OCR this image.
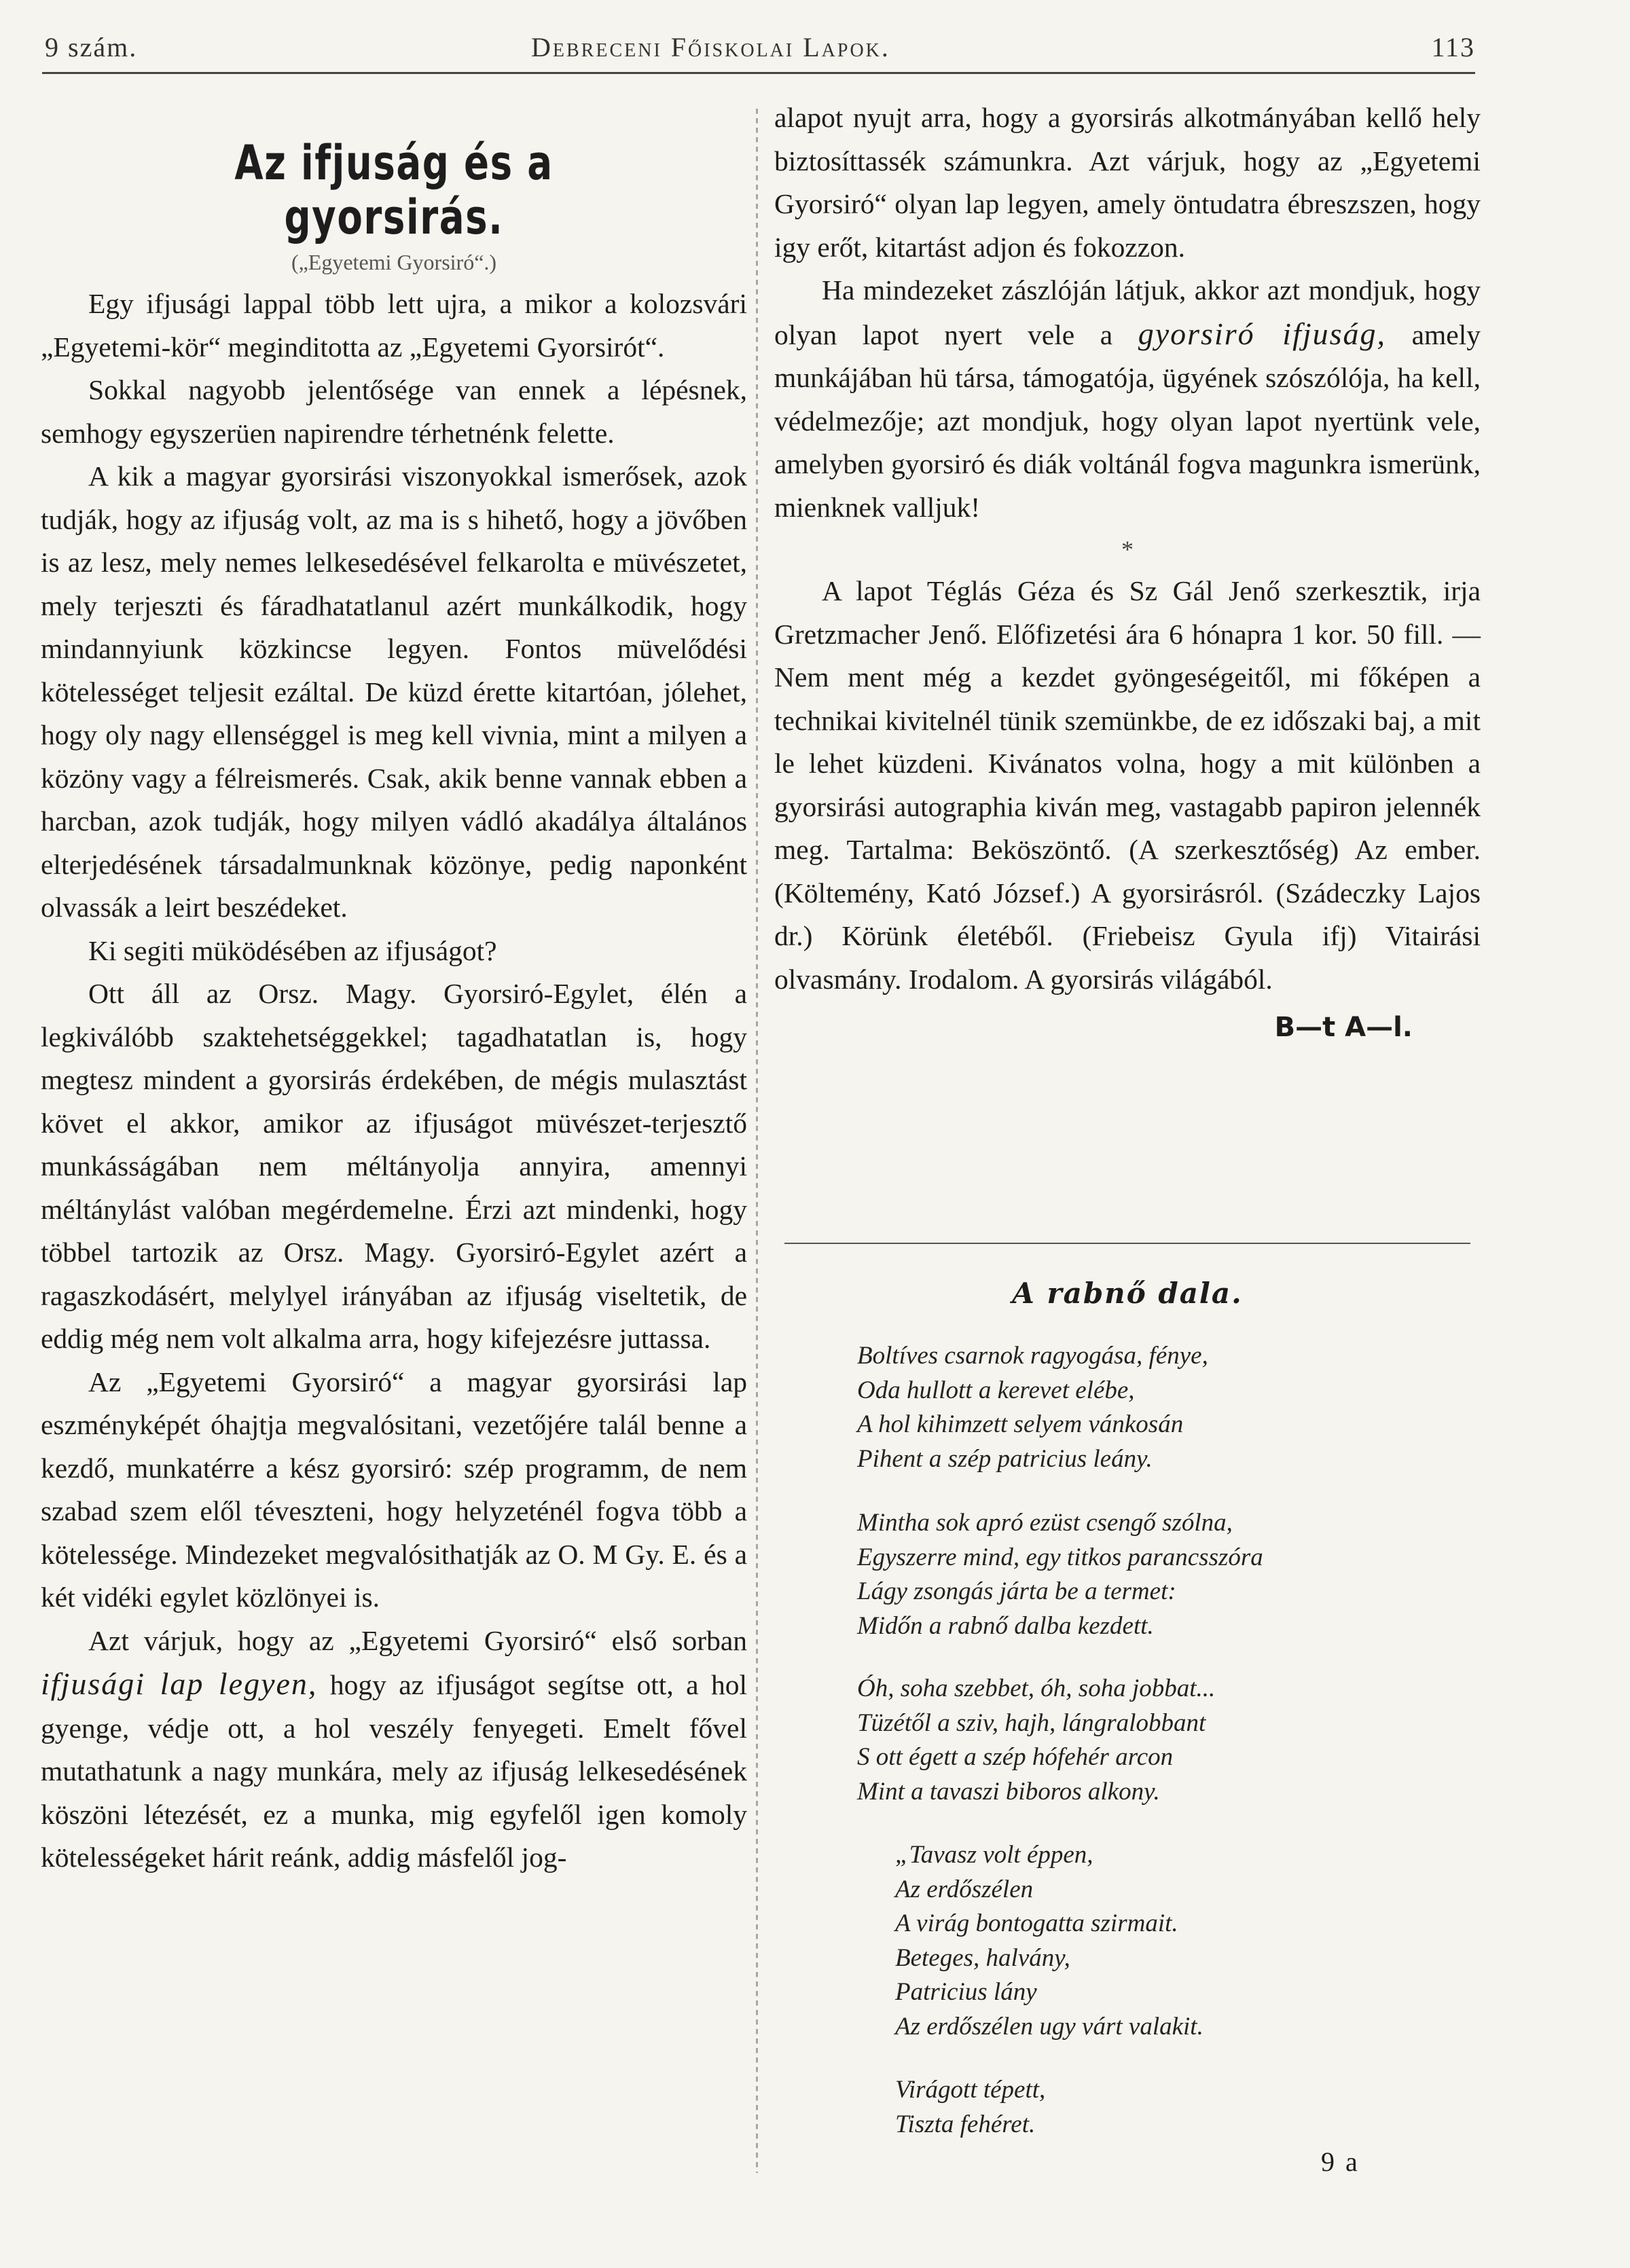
9 szám.	Debreceni Főiskolai Lapok.	113
Az ifjuság és a gyorsirás.
(„Egyetemi Gyorsiró“.)

Egy ifjusági lappal több lett ujra, a mikor a kolozsvári „Egyetemi-kör“ meginditotta az „Egyetemi Gyorsirót“.

Sokkal nagyobb jelentősége van ennek a lépésnek, semhogy egyszerüen napirendre térhetnénk felette.

A kik a magyar gyorsirási viszonyokkal ismerősek, azok tudják, hogy az ifjuság volt, az ma is s hihető, hogy a jövőben is az lesz, mely nemes lelkesedésével felkarolta e müvészetet, mely terjeszti és fáradhatatlanul azért munkálkodik, hogy mindannyiunk közkincse legyen. Fontos müvelődési kötelességet teljesit ezáltal. De küzd érette kitartóan, jólehet, hogy oly nagy ellenséggel is meg kell vivnia, mint a milyen a közöny vagy a félreismerés. Csak, akik benne vannak ebben a harcban, azok tudják, hogy milyen vádló akadálya általános elterjedésének társadalmunknak közönye, pedig naponként olvassák a leirt beszédeket.

Ki segiti müködésében az ifjuságot?

Ott áll az Orsz. Magy. Gyorsiró-Egylet, élén a legkiválóbb szaktehetséggekkel; tagadhatatlan is, hogy megtesz mindent a gyorsirás érdekében, de mégis mulasztást követ el akkor, amikor az ifjuságot müvészet-terjesztő munkásságában nem méltányolja annyira, amennyi méltánylást valóban megérdemelne. Érzi azt mindenki, hogy többel tartozik az Orsz. Magy. Gyorsiró-Egylet azért a ragaszkodásért, melylyel irányában az ifjuság viseltetik, de eddig még nem volt alkalma arra, hogy kifejezésre juttassa.

Az „Egyetemi Gyorsiró“ a magyar gyorsirási lap eszményképét óhajtja megvalósitani, vezetőjére talál benne a kezdő, munkatérre a kész gyorsiró: szép programm, de nem szabad szem elől téveszteni, hogy helyzeténél fogva több a kötelessége. Mindezeket megvalósithatják az O. M Gy. E. és a két vidéki egylet közlönyei is.

Azt várjuk, hogy az „Egyetemi Gyorsiró“ első sorban ifjusági lap legyen, hogy az ifjuságot segítse ott, a hol gyenge, védje ott, a hol veszély fenyegeti. Emelt fővel mutathatunk a nagy munkára, mely az ifjuság lelkesedésének köszöni létezését, ez a munka, mig egyfelől igen komoly kötelességeket hárit reánk, addig másfelől jog-

alapot nyujt arra, hogy a gyorsirás alkotmányában kellő hely biztosíttassék számunkra. Azt várjuk, hogy az „Egyetemi Gyorsiró“ olyan lap legyen, amely öntudatra ébreszszen, hogy igy erőt, kitartást adjon és fokozzon.

Ha mindezeket zászlóján látjuk, akkor azt mondjuk, hogy olyan lapot nyert vele a gyorsiró ifjuság, amely munkájában hü társa, támogatója, ügyének szószólója, ha kell, védelmezője; azt mondjuk, hogy olyan lapot nyertünk vele, amelyben gyorsiró és diák voltánál fogva magunkra ismerünk, mienknek valljuk!

*

A lapot Téglás Géza és Sz Gál Jenő szerkesztik, irja Gretzmacher Jenő. Előfizetési ára 6 hónapra 1 kor. 50 fill. — Nem ment még a kezdet gyöngeségeitől, mi főképen a technikai kivitelnél tünik szemünkbe, de ez időszaki baj, a mit le lehet küzdeni. Kivánatos volna, hogy a mit különben a gyorsirási autographia kiván meg, vastagabb papiron jelennék meg. Tartalma: Beköszöntő. (A szerkesztőség) Az ember. (Költemény, Kató József.) A gyorsirásról. (Szádeczky Lajos dr.) Körünk életéből. (Friebeisz Gyula ifj) Vitairási olvasmány. Irodalom. A gyorsirás világából.

B—t A—l.
A rabnő dala.
Boltíves csarnok ragyogása, fénye,
Oda hullott a kerevet elébe,
A hol kihimzett selyem vánkosán
Pihent a szép patricius leány.
Mintha sok apró ezüst csengő szólna,
Egyszerre mind, egy titkos parancsszóra
Lágy zsongás járta be a termet:
Midőn a rabnő dalba kezdett.
Óh, soha szebbet, óh, soha jobbat...
Tüzétől a sziv, hajh, lángralobbant
S ott égett a szép hófehér arcon
Mint a tavaszi biboros alkony.
„Tavasz volt éppen,
Az erdőszélen
A virág bontogatta szirmait.
Beteges, halvány,
Patricius lány
Az erdőszélen ugy várt valakit.
Virágott tépett,
Tiszta fehéret.
9 a
